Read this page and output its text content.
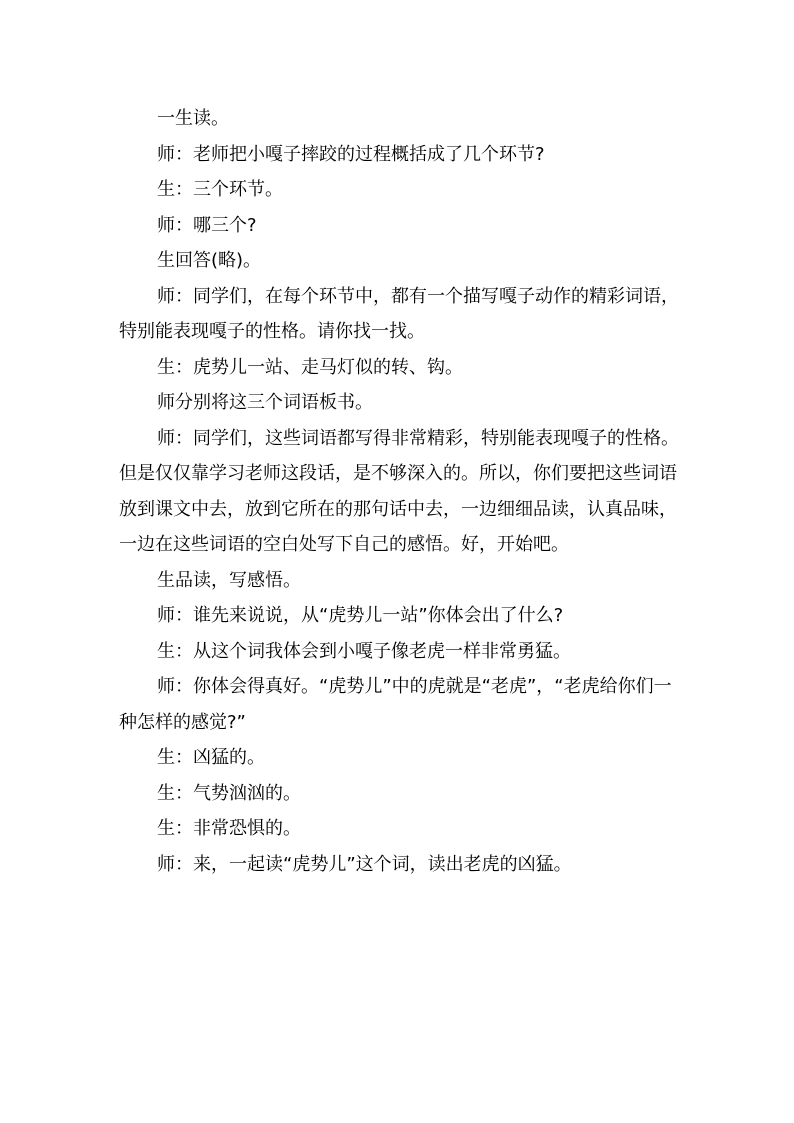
一生读。

师：老师把小嘎子摔跤的过程概括成了几个环节?

生：三个环节。

师：哪三个?

生回答(略)。

师：同学们，在每个环节中，都有一个描写嘎子动作的精彩词语，特别能表现嘎子的性格。请你找一找。

生：虎势儿一站、走马灯似的转、钩。

师分别将这三个词语板书。

师：同学们，这些词语都写得非常精彩，特别能表现嘎子的性格。但是仅仅靠学习老师这段话，是不够深入的。所以，你们要把这些词语放到课文中去，放到它所在的那句话中去，一边细细品读，认真品味，一边在这些词语的空白处写下自己的感悟。好，开始吧。

生品读，写感悟。

师：谁先来说说，从“虎势儿一站”你体会出了什么?

生：从这个词我体会到小嘎子像老虎一样非常勇猛。

师：你体会得真好。“虎势儿”中的虎就是“老虎”，“老虎给你们一种怎样的感觉?”

生：凶猛的。

生：气势汹汹的。

生：非常恐惧的。

师：来，一起读“虎势儿”这个词，读出老虎的凶猛。
